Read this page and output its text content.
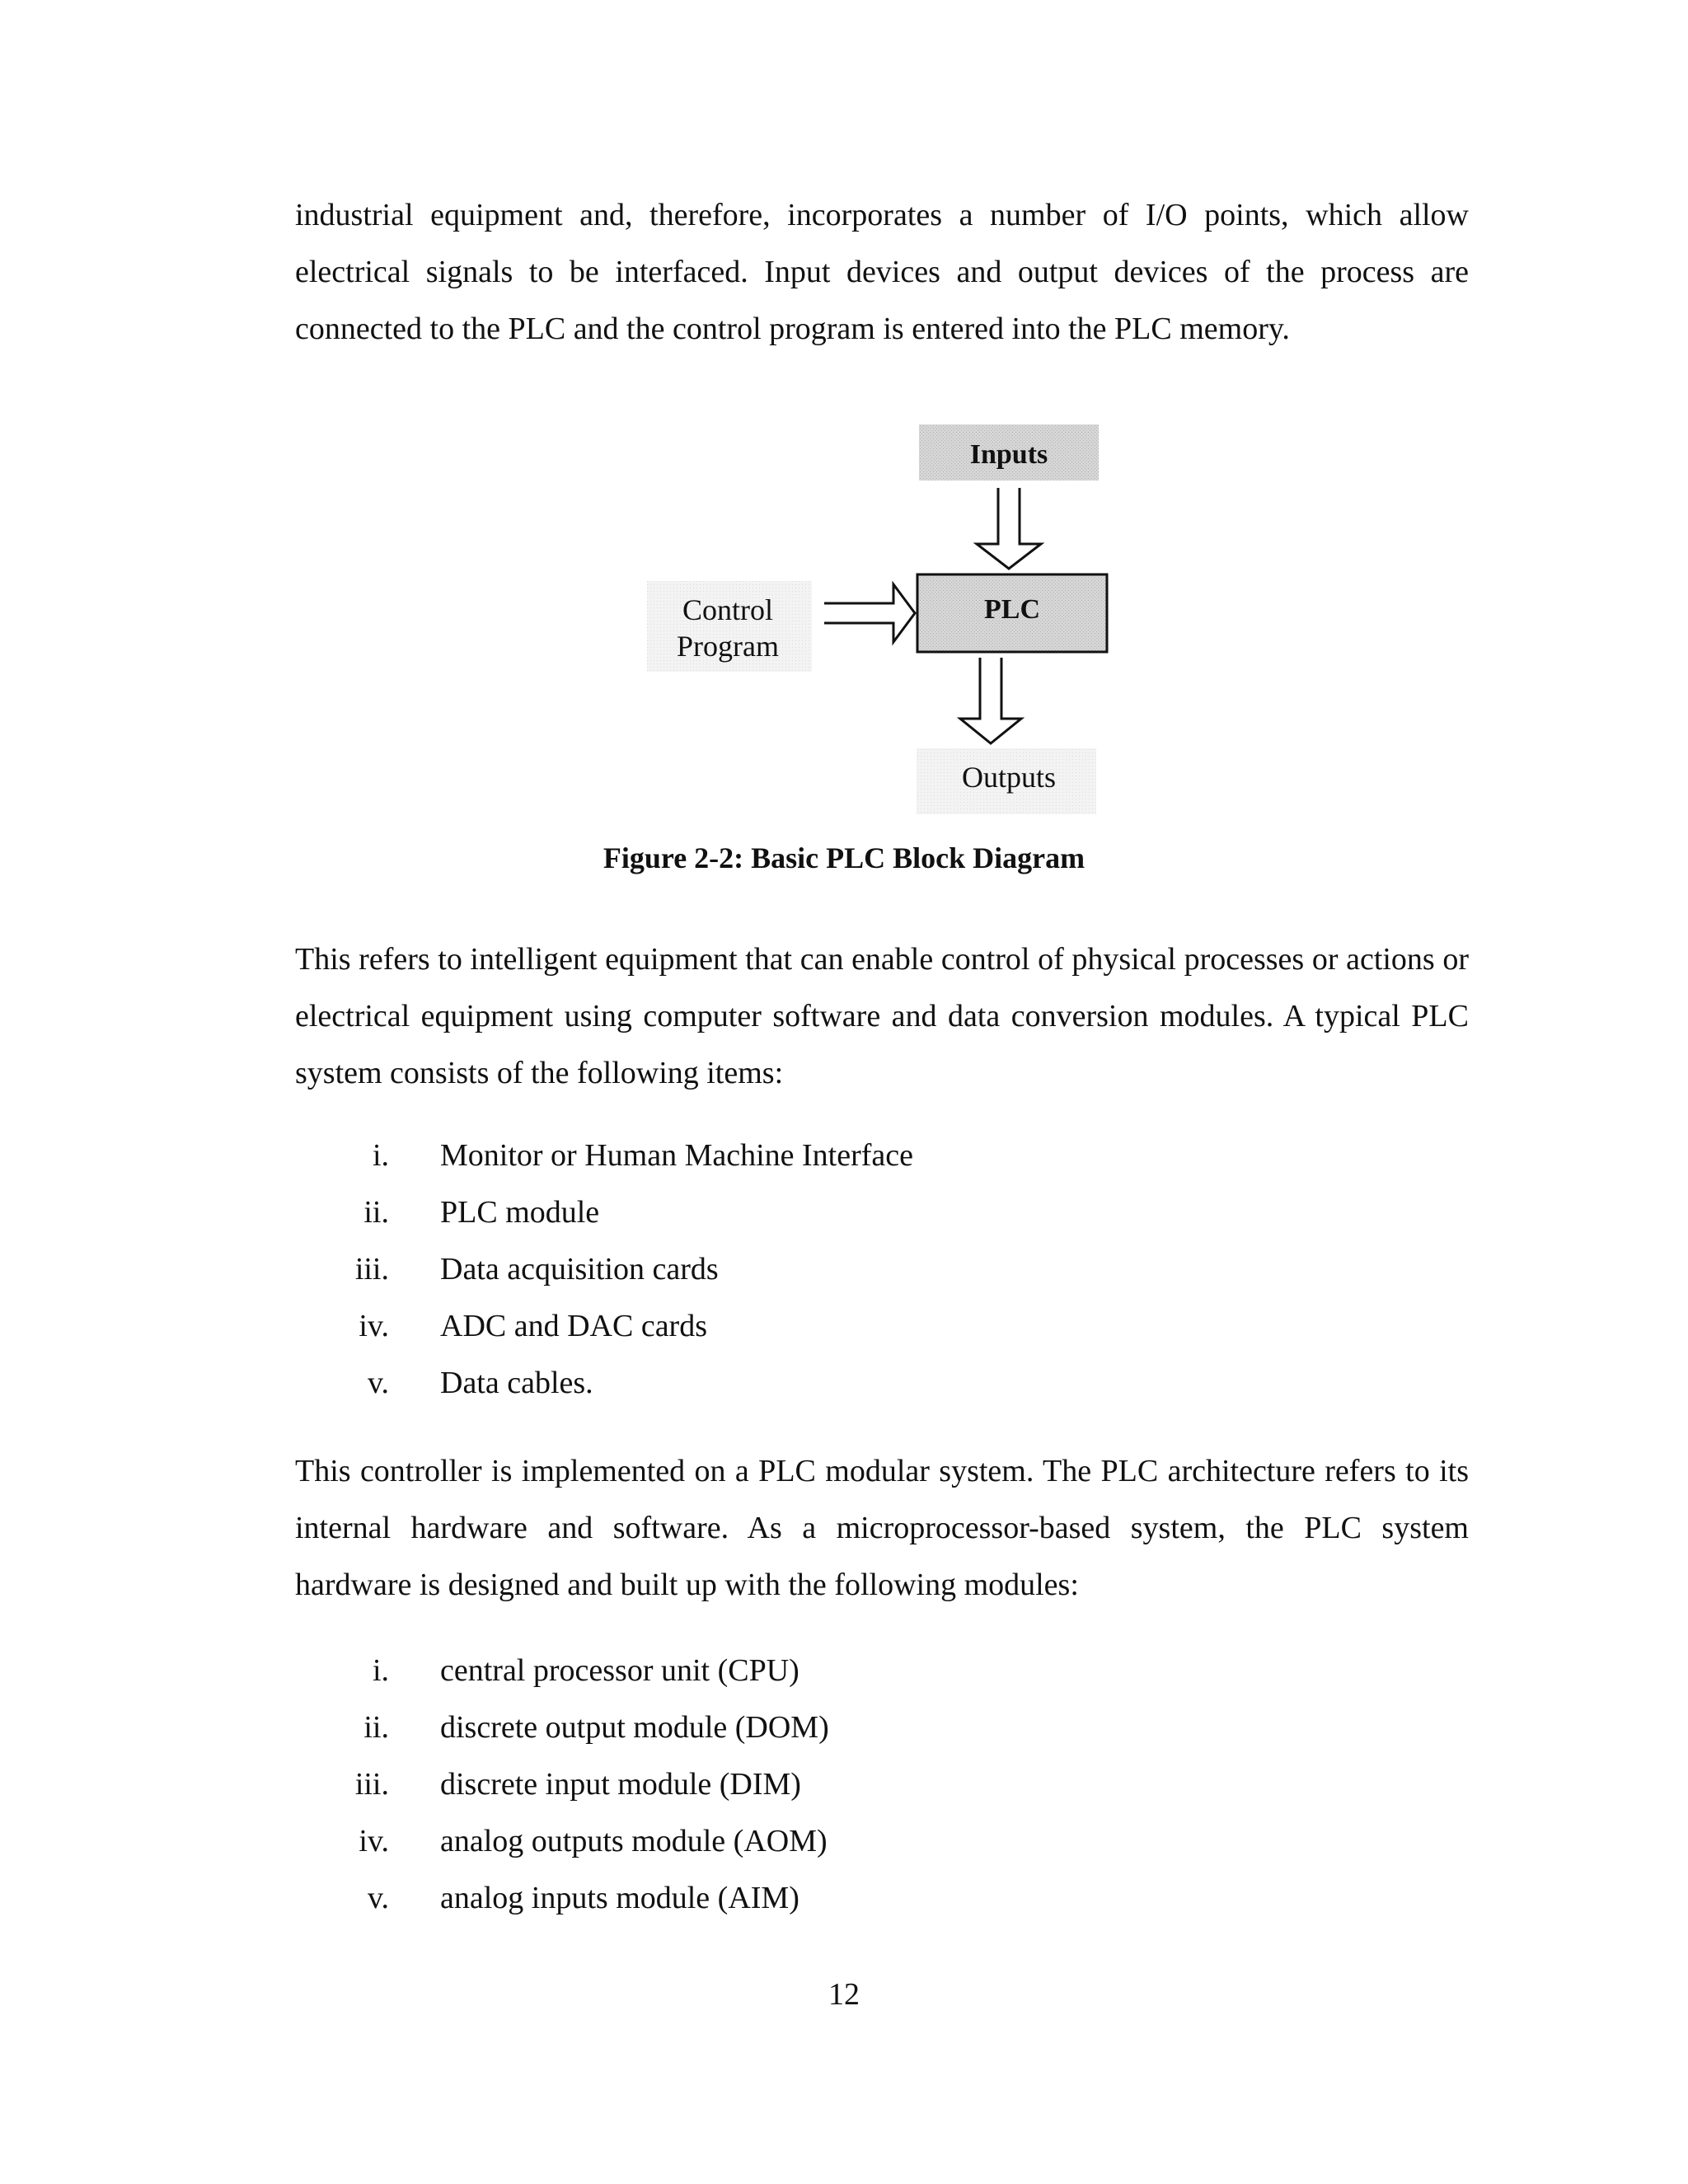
industrial equipment and, therefore, incorporates a number of I/O points, which allow electrical signals to be interfaced. Input devices and output devices of the process are connected to the PLC and the control program is entered into the PLC memory.

Inputs
PLC
Control
Program
Outputs

Figure 2-2: Basic PLC Block Diagram

This refers to intelligent equipment that can enable control of physical processes or actions or electrical equipment using computer software and data conversion modules. A typical PLC system consists of the following items:

i. Monitor or Human Machine Interface
ii. PLC module
iii. Data acquisition cards
iv. ADC and DAC cards
v. Data cables.

This controller is implemented on a PLC modular system. The PLC architecture refers to its internal hardware and software. As a microprocessor-based system, the PLC system hardware is designed and built up with the following modules:

i. central processor unit (CPU)
ii. discrete output module (DOM)
iii. discrete input module (DIM)
iv. analog outputs module (AOM)
v. analog inputs module (AIM)

12
